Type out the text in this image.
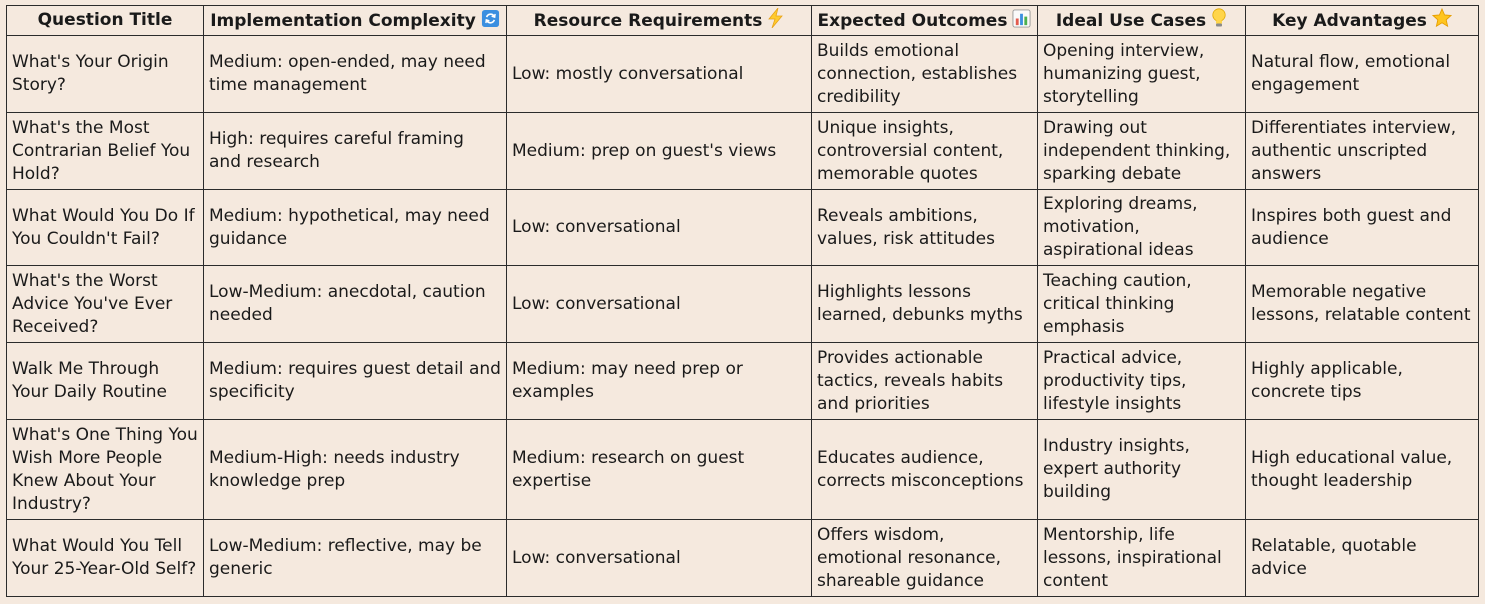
Question Title	Implementation Complexity	Resource Requirements	Expected Outcomes	Ideal Use Cases	Key Advantages

What's Your Origin Story?	Medium: open-ended, may need time management	Low: mostly conversational	Builds emotional connection, establishes credibility	Opening interview, humanizing guest, storytelling	Natural flow, emotional engagement
What's the Most Contrarian Belief You Hold?	High: requires careful framing and research	Medium: prep on guest's views	Unique insights, controversial content, memorable quotes	Drawing out independent thinking, sparking debate	Differentiates interview, authentic unscripted answers
What Would You Do If You Couldn't Fail?	Medium: hypothetical, may need guidance	Low: conversational	Reveals ambitions, values, risk attitudes	Exploring dreams, motivation, aspirational ideas	Inspires both guest and audience
What's the Worst Advice You've Ever Received?	Low-Medium: anecdotal, caution needed	Low: conversational	Highlights lessons learned, debunks myths	Teaching caution, critical thinking emphasis	Memorable negative lessons, relatable content
Walk Me Through Your Daily Routine	Medium: requires guest detail and specificity	Medium: may need prep or examples	Provides actionable tactics, reveals habits and priorities	Practical advice, productivity tips, lifestyle insights	Highly applicable, concrete tips
What's One Thing You Wish More People Knew About Your Industry?	Medium-High: needs industry knowledge prep	Medium: research on guest expertise	Educates audience, corrects misconceptions	Industry insights, expert authority building	High educational value, thought leadership
What Would You Tell Your 25-Year-Old Self?	Low-Medium: reflective, may be generic	Low: conversational	Offers wisdom, emotional resonance, shareable guidance	Mentorship, life lessons, inspirational content	Relatable, quotable advice
